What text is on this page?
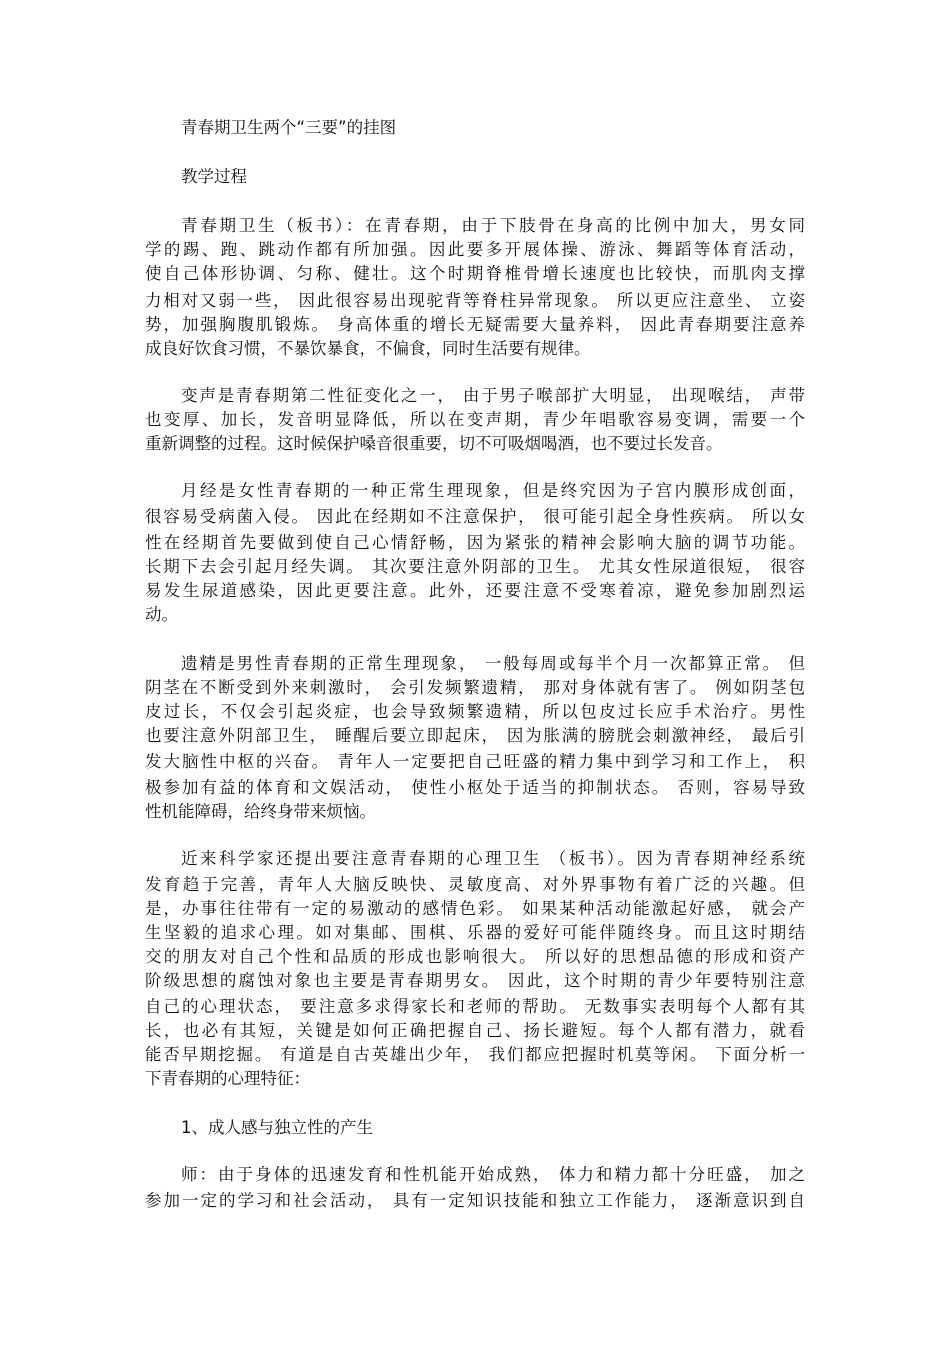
青春期卫生两个“三要”的挂图
教学过程
青春期卫生（板书）：在青春期，由于下肢骨在身高的比例中加大，男女同
学的踢、跑、跳动作都有所加强。因此要多开展体操、游泳、舞蹈等体育活动，
使自己体形协调、匀称、健壮。这个时期脊椎骨增长速度也比较快，而肌肉支撑
力相对又弱一些， 因此很容易出现驼背等脊柱异常现象。 所以更应注意坐、 立姿
势，加强胸腹肌锻炼。 身高体重的增长无疑需要大量养料， 因此青春期要注意养
成良好饮食习惯，不暴饮暴食，不偏食，同时生活要有规律。
变声是青春期第二性征变化之一， 由于男子喉部扩大明显， 出现喉结， 声带
也变厚、加长，发音明显降低，所以在变声期，青少年唱歌容易变调，需要一个
重新调整的过程。这时候保护嗓音很重要，切不可吸烟喝酒，也不要过长发音。
月经是女性青春期的一种正常生理现象，但是终究因为子宫内膜形成创面，
很容易受病菌入侵。 因此在经期如不注意保护， 很可能引起全身性疾病。 所以女
性在经期首先要做到使自己心情舒畅，因为紧张的精神会影响大脑的调节功能。
长期下去会引起月经失调。 其次要注意外阴部的卫生。 尤其女性尿道很短， 很容
易发生尿道感染，因此更要注意。此外，还要注意不受寒着凉，避免参加剧烈运
动。
遗精是男性青春期的正常生理现象， 一般每周或每半个月一次都算正常。 但
阴茎在不断受到外来刺激时， 会引发频繁遗精， 那对身体就有害了。 例如阴茎包
皮过长，不仅会引起炎症，也会导致频繁遗精，所以包皮过长应手术治疗。男性
也要注意外阴部卫生， 睡醒后要立即起床， 因为胀满的膀胱会刺激神经， 最后引
发大脑性中枢的兴奋。 青年人一定要把自己旺盛的精力集中到学习和工作上， 积
极参加有益的体育和文娱活动， 使性小枢处于适当的抑制状态。 否则，容易导致
性机能障碍，给终身带来烦恼。
近来科学家还提出要注意青春期的心理卫生 （板书）。因为青春期神经系统
发育趋于完善，青年人大脑反映快、灵敏度高、对外界事物有着广泛的兴趣。但
是，办事往往带有一定的易激动的感情色彩。 如果某种活动能激起好感， 就会产
生坚毅的追求心理。如对集邮、围棋、乐器的爱好可能伴随终身。而且这时期结
交的朋友对自己个性和品质的形成也影响很大。 所以好的思想品德的形成和资产
阶级思想的腐蚀对象也主要是青春期男女。 因此，这个时期的青少年要特别注意
自己的心理状态， 要注意多求得家长和老师的帮助。 无数事实表明每个人都有其
长，也必有其短，关键是如何正确把握自己、扬长避短。每个人都有潜力，就看
能否早期挖掘。 有道是自古英雄出少年， 我们都应把握时机莫等闲。 下面分析一
下青春期的心理特征：
1、成人感与独立性的产生
师：由于身体的迅速发育和性机能开始成熟， 体力和精力都十分旺盛， 加之
参加一定的学习和社会活动， 具有一定知识技能和独立工作能力， 逐渐意识到自
